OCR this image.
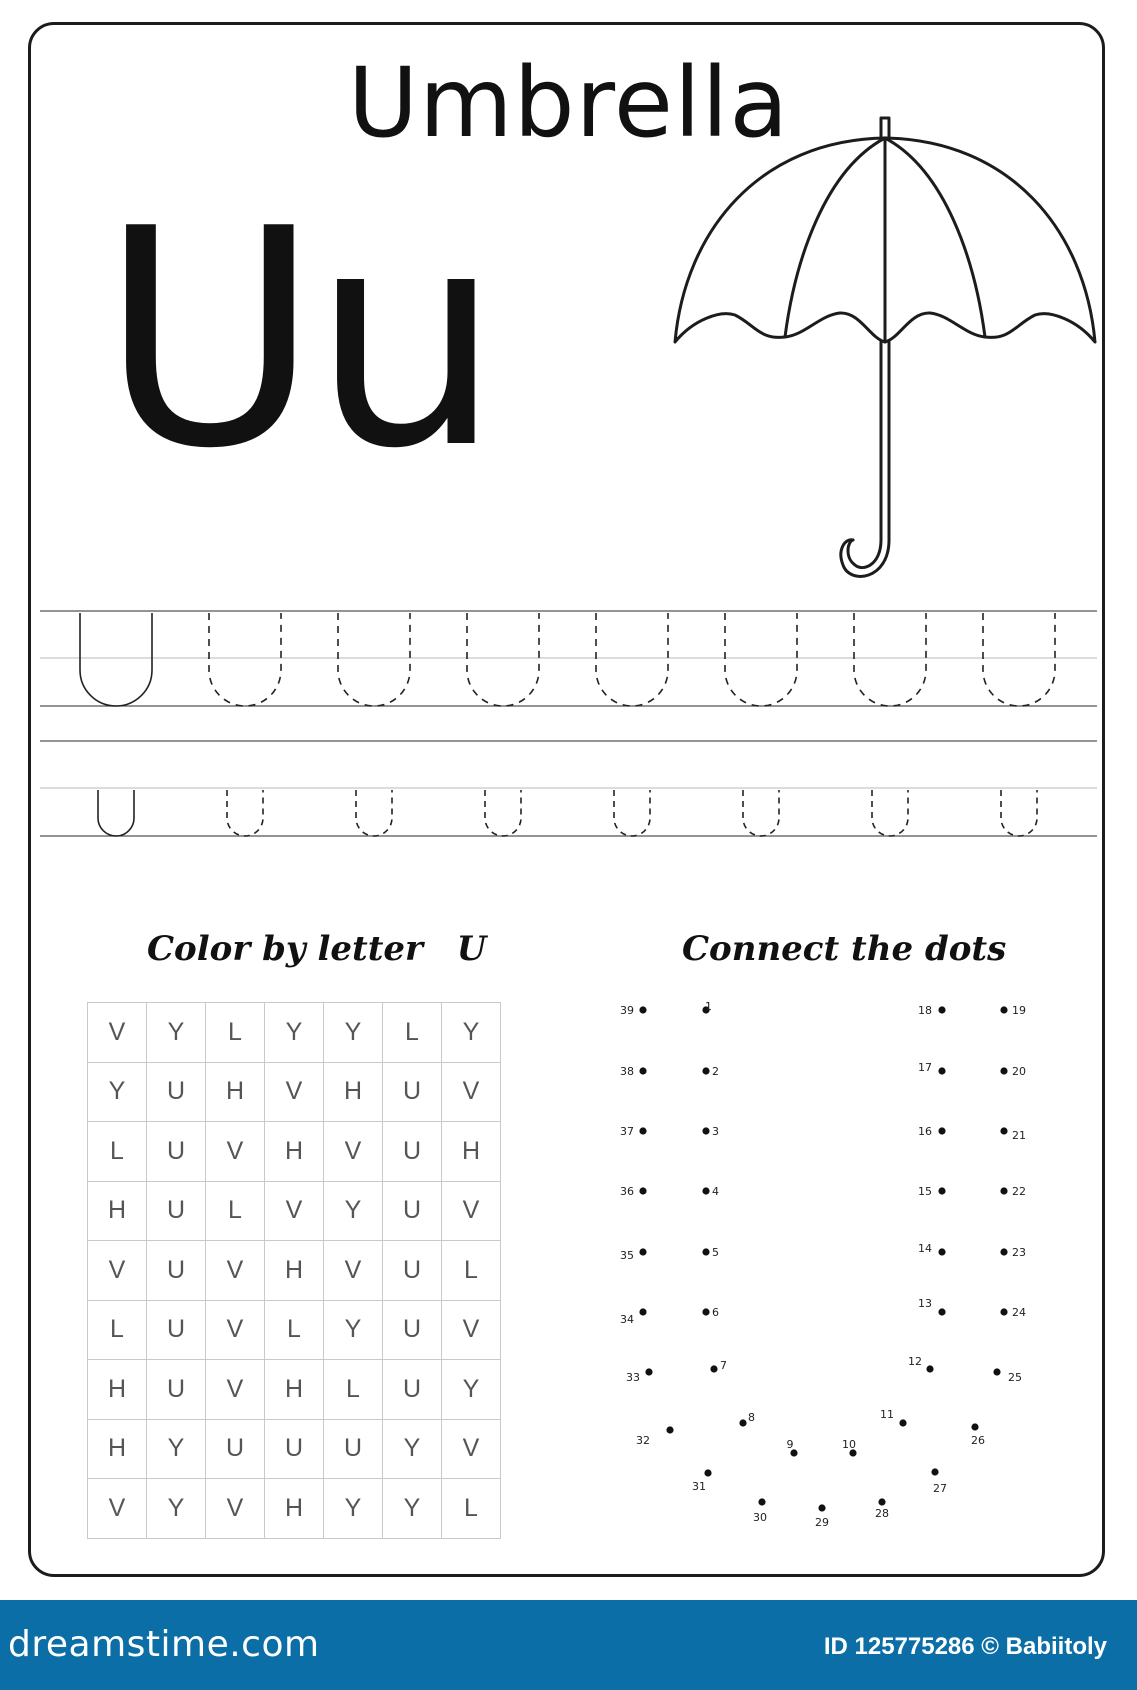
Umbrella
Uu
Color by letter U	Connect the dots
V	Y	L	Y	Y	L	Y
Y	U	H	V	H	U	V
L	U	V	H	V	U	H
H	U	L	V	Y	U	V
V	U	V	H	V	U	L
L	U	V	L	Y	U	V
H	U	V	H	L	U	Y
H	Y	U	U	U	Y	V
V	Y	V	H	Y	Y	L
1
2
3
4
5
6
7
8
9	10
11
12
13
14
15
16
17
18	19
20
21
22
23
24
25
26
27
28
29
30
31
32
33
34
35
36
37
38
39
dreamstime.com	ID 125775286 © Babiitoly
